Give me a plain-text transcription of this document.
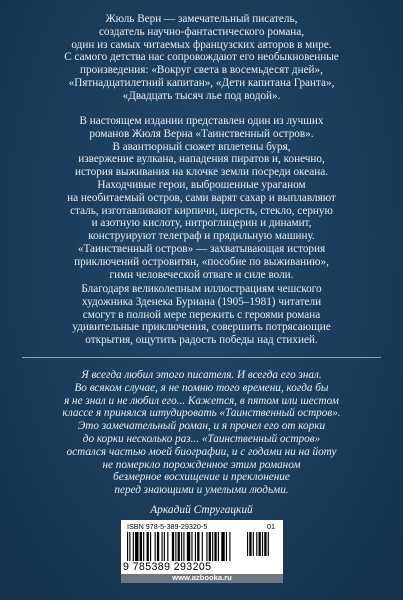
Жюль Верн — замечательный писатель,
создатель научно-фантастического романа,
один из самых читаемых французских авторов в мире.
С самого детства нас сопровождают его необыкновенные
произведения: «Вокруг света в восемьдесят дней»,
«Пятнадцатилетний капитан», «Дети капитана Гранта»,
«Двадцать тысяч лье под водой».
В настоящем издании представлен один из лучших
романов Жюля Верна «Таинственный остров».
В авантюрный сюжет вплетены буря,
извержение вулкана, нападения пиратов и, конечно,
история выживания на клочке земли посреди океана.
Находчивые герои, выброшенные ураганом
на необитаемый остров, сами варят сахар и выплавляют
сталь, изготавливают кирпичи, шерсть, стекло, серную
и азотную кислоту, нитроглицерин и динамит,
конструируют телеграф и прядильную машину.
«Таинственный остров» — захватывающая история
приключений островитян, «пособие по выживанию»,
гимн человеческой отваге и силе воли.
Благодаря великолепным иллюстрациям чешского
художника Зденека Буриана (1905–1981) читатели
смогут в полной мере пережить с героями романа
удивительные приключения, совершить потрясающие
открытия, ощутить радость победы над стихией.
Я всегда любил этого писателя. И всегда его знал.
Во всяком случае, я не помню того времени, когда бы
я не знал и не любил его... Кажется, в пятом или шестом
классе я принялся штудировать «Таинственный остров».
Это замечательный роман, и я прочел его от корки
до корки несколько раз... «Таинственный остров»
остался частью моей биографии, и с годами ни на йоту
не померкло порожденное этим романом
безмерное восхищение и преклонение
перед знающими и умелыми людьми.
Аркадий Стругацкий
ISBN 978-5-389-29320-5	01
9 785389 293205
www.azbooka.ru
